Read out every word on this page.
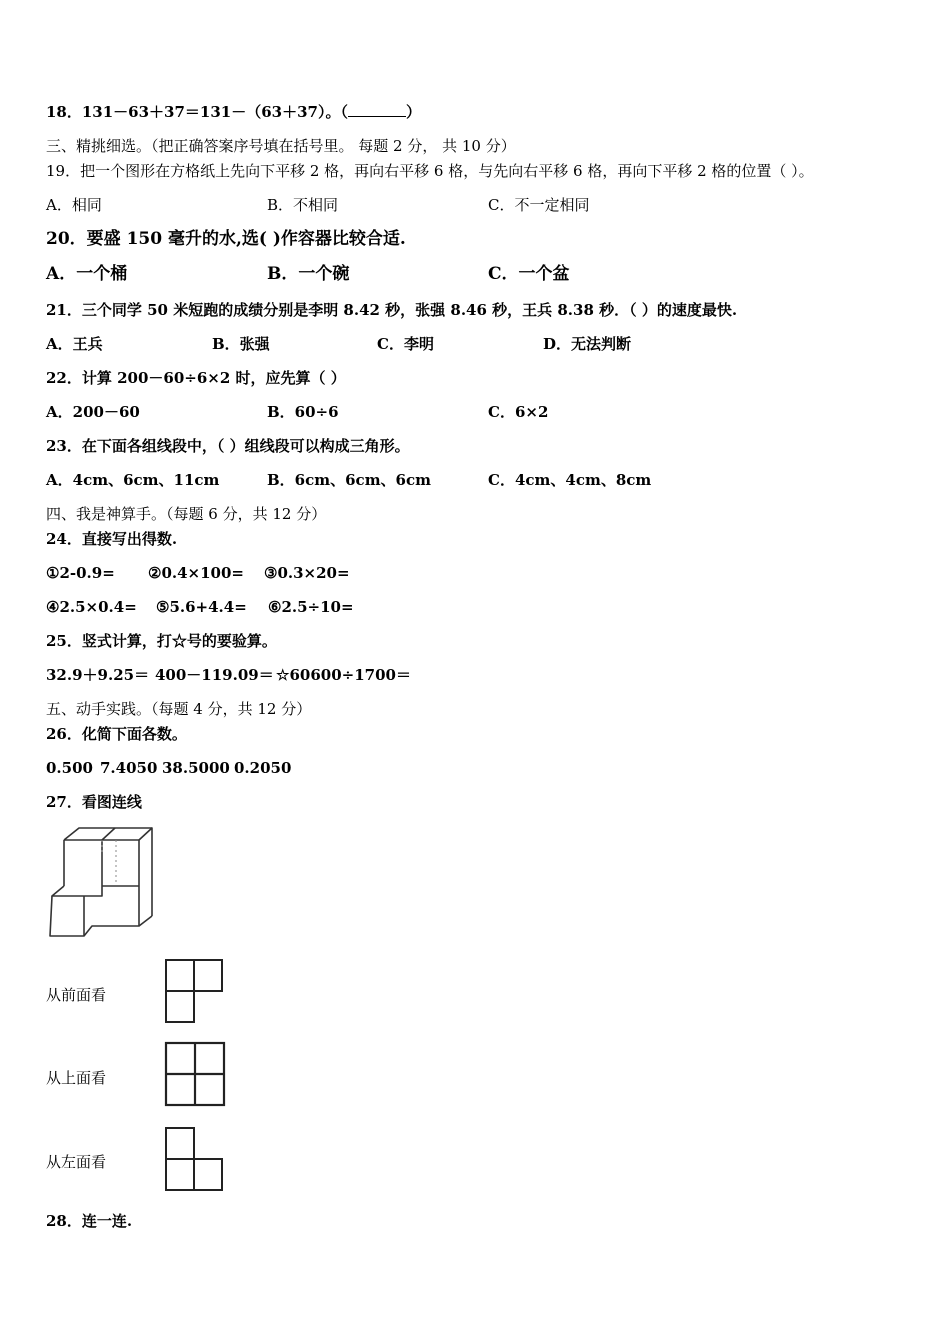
18．131－63＋37＝131－（63＋37）。（	）
三、精挑细选。（把正确答案序号填在括号里。 每题 2 分， 共 10 分）
19．把一个图形在方格纸上先向下平移 2 格，再向右平移 6 格，与先向右平移 6 格，再向下平移 2 格的位置（ ）。
A．相同	B．不相同	C．不一定相同
20．要盛 150 毫升的水,选( )作容器比较合适.
A．一个桶	B．一个碗	C．一个盆
21．三个同学 50 米短跑的成绩分别是李明 8.42 秒，张强 8.46 秒，王兵 8.38 秒．（ ）的速度最快.
A．王兵	B．张强	C．李明	D．无法判断
22．计算 200－60÷6×2 时，应先算（ ）
A．200－60	B．60÷6	C．6×2
23．在下面各组线段中，（ ）组线段可以构成三角形。
A．4cm、6cm、11cm	B．6cm、6cm、6cm	C．4cm、4cm、8cm
四、我是神算手。（每题 6 分，共 12 分）
24．直接写出得数.
①2-0.9= ②0.4×100= ③0.3×20=
④2.5×0.4= ⑤5.6+4.4= ⑥2.5÷10=
25．竖式计算，打☆号的要验算。
32.9＋9.25＝ 400－119.09＝ ☆60600÷1700＝
五、动手实践。（每题 4 分，共 12 分）
26．化简下面各数。
0.500 7.4050 38.5000 0.2050
27．看图连线
从前面看
从上面看
从左面看
28．连一连.
